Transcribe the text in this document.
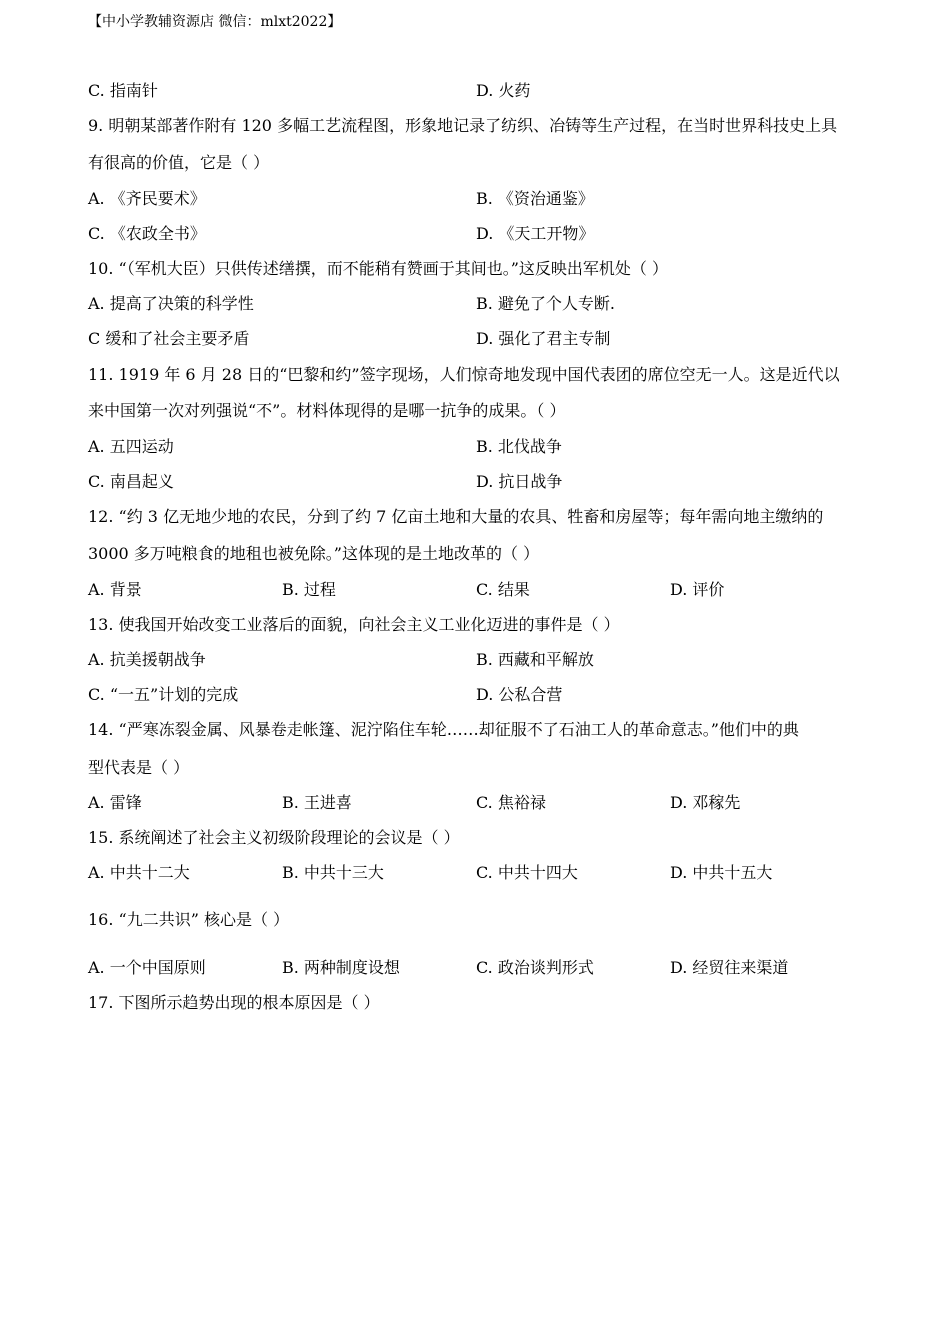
【中小学教辅资源店 微信：mlxt2022】
C. 指南针	D. 火药
9. 明朝某部著作附有 120 多幅工艺流程图，形象地记录了纺织、冶铸等生产过程，在当时世界科技史上具
有很高的价值，它是（ ）
A. 《齐民要术》	B. 《资治通鉴》
C. 《农政全书》	D. 《天工开物》
10. “（军机大臣）只供传述缮撰，而不能稍有赞画于其间也。”这反映出军机处（ ）
A. 提高了决策的科学性	B. 避免了个人专断.
C 缓和了社会主要矛盾	D. 强化了君主专制
11. 1919 年 6 月 28 日的“巴黎和约”签字现场，人们惊奇地发现中国代表团的席位空无一人。这是近代以
来中国第一次对列强说“不”。材料体现得的是哪一抗争的成果。（ ）
A. 五四运动	B. 北伐战争
C. 南昌起义	D. 抗日战争
12. “约 3 亿无地少地的农民，分到了约 7 亿亩土地和大量的农具、牲畜和房屋等；每年需向地主缴纳的
3000 多万吨粮食的地租也被免除。”这体现的是土地改革的（ ）
A. 背景	B. 过程	C. 结果	D. 评价
13. 使我国开始改变工业落后的面貌，向社会主义工业化迈进的事件是（ ）
A. 抗美援朝战争	B. 西藏和平解放
C. “一五”计划的完成	D. 公私合营
14. “严寒冻裂金属、风暴卷走帐篷、泥泞陷住车轮……却征服不了石油工人的革命意志。”他们中的典
型代表是（ ）
A. 雷锋	B. 王进喜	C. 焦裕禄	D. 邓稼先
15. 系统阐述了社会主义初级阶段理论的会议是（ ）
A. 中共十二大	B. 中共十三大	C. 中共十四大	D. 中共十五大
16. “九二共识” 核心是（ ）
A. 一个中国原则	B. 两种制度设想	C. 政治谈判形式	D. 经贸往来渠道
17. 下图所示趋势出现的根本原因是（ ）
